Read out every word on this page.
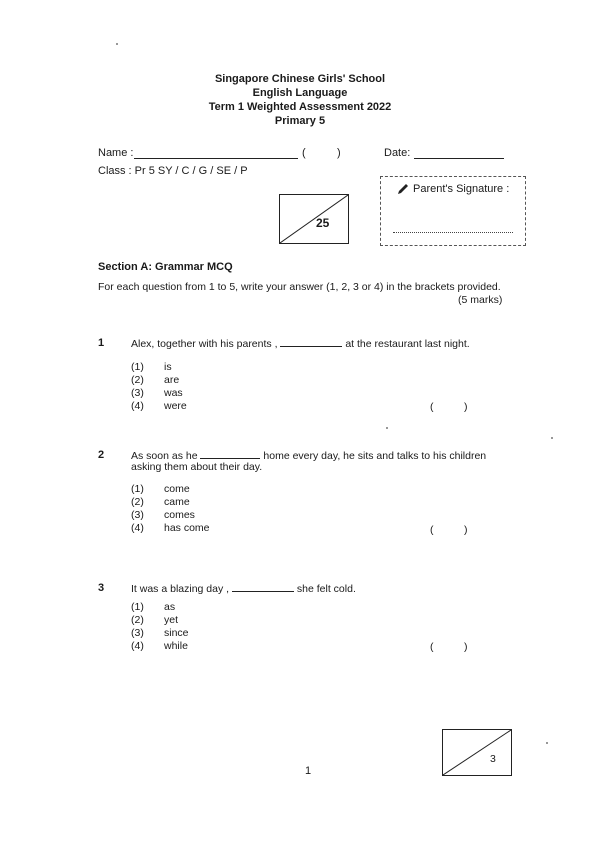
Singapore Chinese Girls' School
English Language
Term 1 Weighted Assessment 2022
Primary 5
Name :	(	)	Date:
Class : Pr 5 SY / C / G / SE / P
25
Parent's Signature :
Section A: Grammar MCQ
For each question from 1 to 5, write your answer (1, 2, 3 or 4) in the brackets provided.
(5 marks)
1	Alex, together with his parents ,	at the restaurant last night.
(1) is
(2) are
(3) was
(4) were	(	)
2	As soon as he	home every day, he sits and talks to his children
asking them about their day.
(1) come
(2) came
(3) comes
(4) has come	(	)
3	It was a blazing day ,	she felt cold.
(1) as
(2) yet
(3) since
(4) while	(	)
1
3
